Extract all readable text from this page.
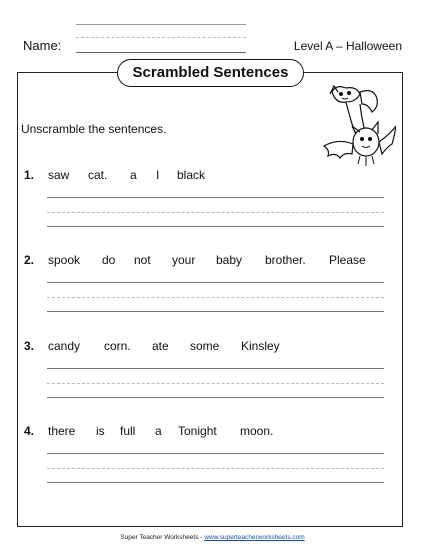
Name:	Level A – Halloween
Scrambled Sentences
Unscramble the sentences.
1. saw cat. a I black
2. spook do not your baby brother. Please
3. candy corn. ate some Kinsley
4. there is full a Tonight moon.
Super Teacher Worksheets - www.superteacherworksheets.com
